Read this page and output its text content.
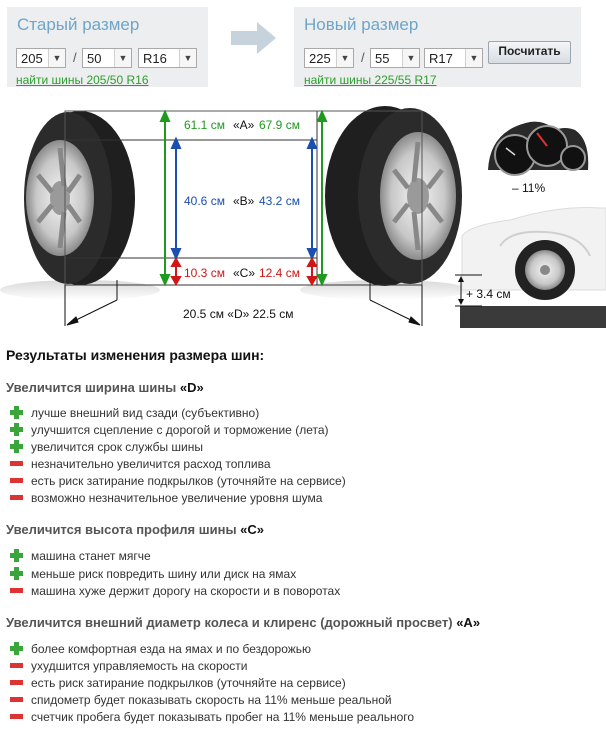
Старый размер
205	▼ / 50	▼ R16	▼
найти шины 205/50 R16
Новый размер
225	▼ / 55	▼ R17	▼
найти шины 225/55 R17
Посчитать
61.1 см «A» 67.9 см
40.6 см «B» 43.2 см
10.3 см «C» 12.4 см
20.5 см «D» 22.5 см
– 11%
+ 3.4 см
Результаты изменения размера шин:
Увеличится ширина шины «D»
лучше внешний вид сзади (субъективно)
улучшится сцепление с дорогой и торможение (лета)
увеличится срок службы шины
незначительно увеличится расход топлива
есть риск затирание подкрылков (уточняйте на сервисе)
возможно незначительное увеличение уровня шума
Увеличится высота профиля шины «C»
машина станет мягче
меньше риск повредить шину или диск на ямах
машина хуже держит дорогу на скорости и в поворотах
Увеличится внешний диаметр колеса и клиренс (дорожный просвет) «A»
более комфортная езда на ямах и по бездорожью
ухудшится управляемость на скорости
есть риск затирание подкрылков (уточняйте на сервисе)
спидометр будет показывать скорость на 11% меньше реальной
счетчик пробега будет показывать пробег на 11% меньше реального
